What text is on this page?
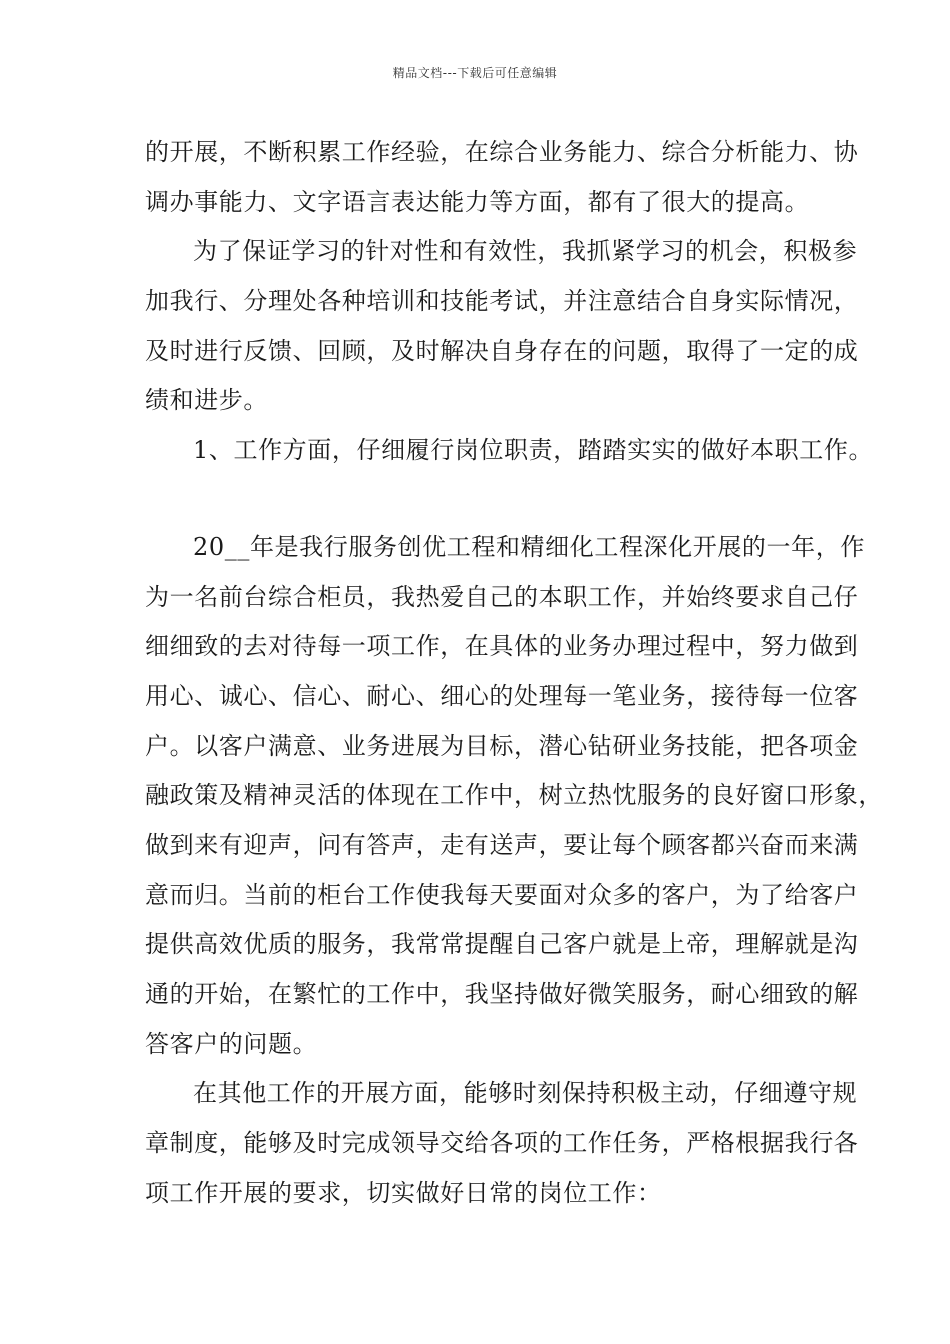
精品文档---下载后可任意编辑
的开展，不断积累工作经验，在综合业务能力、综合分析能力、协
调办事能力、文字语言表达能力等方面，都有了很大的提高。
为了保证学习的针对性和有效性，我抓紧学习的机会，积极参
加我行、分理处各种培训和技能考试，并注意结合自身实际情况，
及时进行反馈、回顾，及时解决自身存在的问题，取得了一定的成
绩和进步。
1、工作方面，仔细履行岗位职责，踏踏实实的做好本职工作。
20__年是我行服务创优工程和精细化工程深化开展的一年，作
为一名前台综合柜员，我热爱自己的本职工作，并始终要求自己仔
细细致的去对待每一项工作，在具体的业务办理过程中，努力做到
用心、诚心、信心、耐心、细心的处理每一笔业务，接待每一位客
户。以客户满意、业务进展为目标，潜心钻研业务技能，把各项金
融政策及精神灵活的体现在工作中，树立热忱服务的良好窗口形象，
做到来有迎声，问有答声，走有送声，要让每个顾客都兴奋而来满
意而归。当前的柜台工作使我每天要面对众多的客户，为了给客户
提供高效优质的服务，我常常提醒自己客户就是上帝，理解就是沟
通的开始，在繁忙的工作中，我坚持做好微笑服务，耐心细致的解
答客户的问题。
在其他工作的开展方面，能够时刻保持积极主动，仔细遵守规
章制度，能够及时完成领导交给各项的工作任务，严格根据我行各
项工作开展的要求，切实做好日常的岗位工作：
